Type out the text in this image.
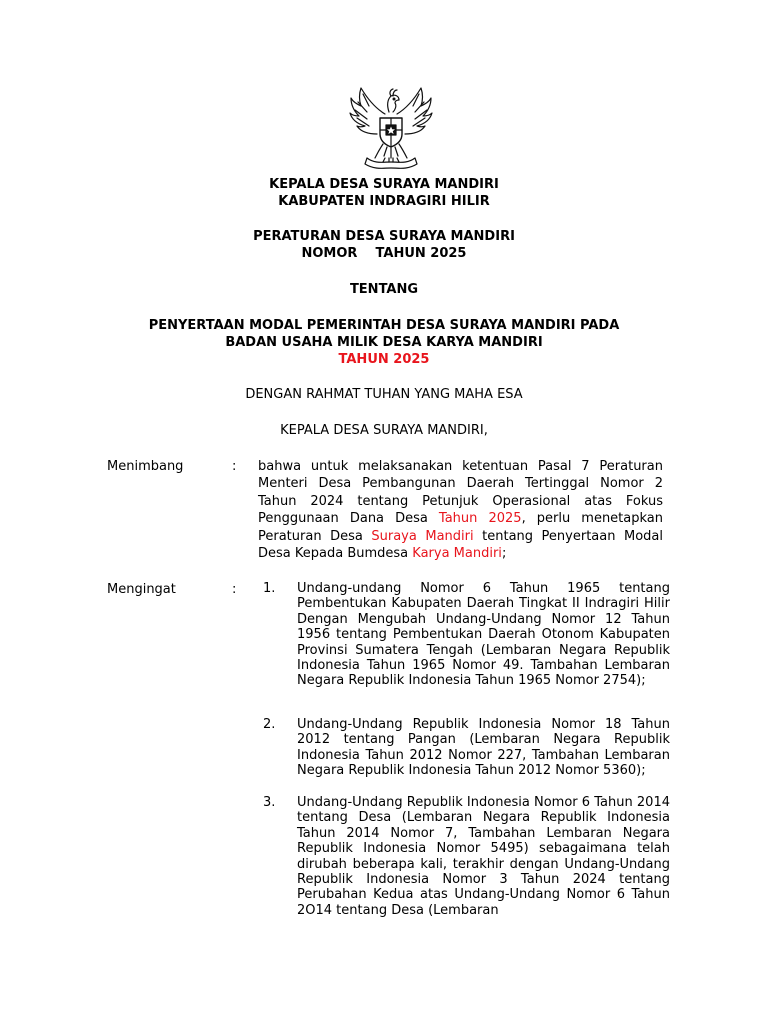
KEPALA DESA SURAYA MANDIRI
KABUPATEN INDRAGIRI HILIR
PERATURAN DESA SURAYA MANDIRI
NOMOR    TAHUN 2025
TENTANG
PENYERTAAN MODAL PEMERINTAH DESA SURAYA MANDIRI PADA
BADAN USAHA MILIK DESA KARYA MANDIRI
TAHUN 2025
DENGAN RAHMAT TUHAN YANG MAHA ESA
KEPALA DESA SURAYA MANDIRI,
Menimbang	: bahwa untuk melaksanakan ketentuan Pasal 7 Peraturan Menteri Desa Pembangunan Daerah Tertinggal Nomor 2 Tahun 2024 tentang Petunjuk Operasional atas Fokus Penggunaan Dana Desa Tahun 2025, perlu menetapkan Peraturan Desa Suraya Mandiri tentang Penyertaan Modal Desa Kepada Bumdesa Karya Mandiri;
Mengingat	: 1. Undang-undang Nomor 6 Tahun 1965 tentang Pembentukan Kabupaten Daerah Tingkat II Indragiri Hilir Dengan Mengubah Undang-Undang Nomor 12 Tahun 1956 tentang Pembentukan Daerah Otonom Kabupaten Provinsi Sumatera Tengah (Lembaran Negara Republik Indonesia Tahun 1965 Nomor 49. Tambahan Lembaran Negara Republik Indonesia Tahun 1965 Nomor 2754);
2. Undang-Undang Republik Indonesia Nomor 18 Tahun 2012 tentang Pangan (Lembaran Negara Republik Indonesia Tahun 2012 Nomor 227, Tambahan Lembaran Negara Republik Indonesia Tahun 2012 Nomor 5360);
3. Undang-Undang Republik Indonesia Nomor 6 Tahun 2014 tentang Desa (Lembaran Negara Republik Indonesia Tahun 2014 Nomor 7, Tambahan Lembaran Negara Republik Indonesia Nomor 5495) sebagaimana telah dirubah beberapa kali, terakhir dengan Undang-Undang Republik Indonesia Nomor 3 Tahun 2024 tentang Perubahan Kedua atas Undang-Undang Nomor 6 Tahun 2O14 tentang Desa (Lembaran
